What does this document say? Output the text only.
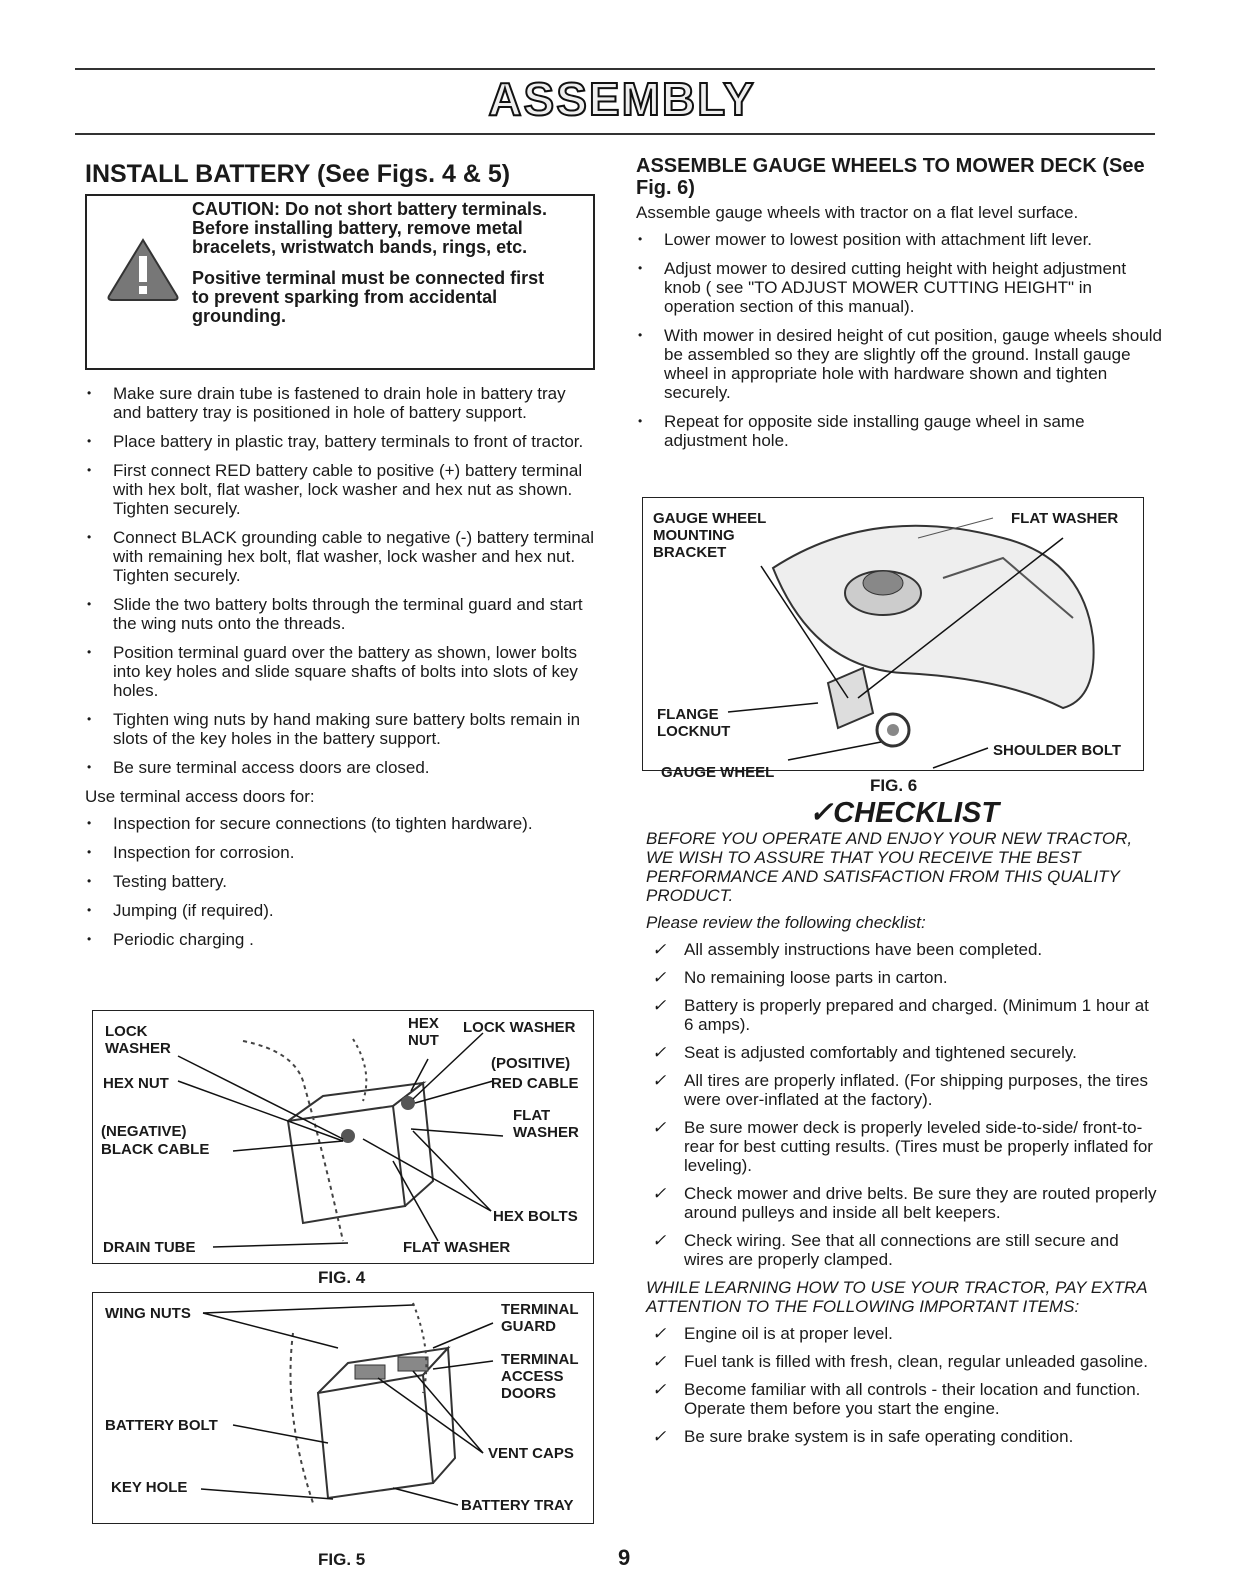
ASSEMBLY
INSTALL BATTERY (See Figs. 4 & 5)

CAUTION: Do not short battery terminals. Before installing battery, remove metal bracelets, wristwatch bands, rings, etc.

Positive terminal must be connected first to prevent sparking from accidental grounding.

• Make sure drain tube is fastened to drain hole in battery tray and battery tray is positioned in hole of battery support.
• Place battery in plastic tray, battery terminals to front of tractor.
• First connect RED battery cable to positive (+) battery terminal with hex bolt, flat washer, lock washer and hex nut as shown. Tighten securely.
• Connect BLACK grounding cable to negative (-) battery terminal with remaining hex bolt, flat washer, lock washer and hex nut. Tighten securely.
• Slide the two battery bolts through the terminal guard and start the wing nuts onto the threads.
• Position terminal guard over the battery as shown, lower bolts into key holes and slide square shafts of bolts into slots of key holes.
• Tighten wing nuts by hand making sure battery bolts remain in slots of the key holes in the battery support.
• Be sure terminal access doors are closed.

Use terminal access doors for:

• Inspection for secure connections (to tighten hardware).
• Inspection for corrosion.
• Testing battery.
• Jumping (if required).
• Periodic charging .
LOCK
WASHER
HEX
NUT
LOCK WASHER
(POSITIVE)
RED CABLE
HEX NUT
FLAT
WASHER
(NEGATIVE)
BLACK CABLE
HEX BOLTS
DRAIN TUBE	FLAT WASHER
FIG. 4
WING NUTS	TERMINAL
GUARD
TERMINAL
ACCESS
DOORS
BATTERY BOLT
VENT CAPS
KEY HOLE
BATTERY TRAY
FIG. 5
ASSEMBLE GAUGE WHEELS TO MOWER DECK (See Fig. 6)

Assemble gauge wheels with tractor on a flat level surface.

• Lower mower to lowest position with attachment lift lever.
• Adjust mower to desired cutting height with height adjustment knob ( see "TO ADJUST MOWER CUTTING HEIGHT" in operation section of this manual).
• With mower in desired height of cut position, gauge wheels should be assembled so they are slightly off the ground. Install gauge wheel in appropriate hole with hardware shown and tighten securely.
• Repeat for opposite side installing gauge wheel in same adjustment hole.
GAUGE WHEEL
MOUNTING
BRACKET
FLAT WASHER
FLANGE
LOCKNUT
SHOULDER BOLT
GAUGE WHEEL
FIG. 6
✓CHECKLIST

BEFORE YOU OPERATE AND ENJOY YOUR NEW TRACTOR, WE WISH TO ASSURE THAT YOU RECEIVE THE BEST PERFORMANCE AND SATISFACTION FROM THIS QUALITY PRODUCT.

Please review the following checklist:

✓ All assembly instructions have been completed.
✓ No remaining loose parts in carton.
✓ Battery is properly prepared and charged. (Minimum 1 hour at 6 amps).
✓ Seat is adjusted comfortably and tightened securely.
✓ All tires are properly inflated. (For shipping purposes, the tires were over-inflated at the factory).
✓ Be sure mower deck is properly leveled side-to-side/ front-to-rear for best cutting results. (Tires must be properly inflated for leveling).
✓ Check mower and drive belts. Be sure they are routed properly around pulleys and inside all belt keepers.
✓ Check wiring. See that all connections are still secure and wires are properly clamped.

WHILE LEARNING HOW TO USE YOUR TRACTOR, PAY EXTRA ATTENTION TO THE FOLLOWING IMPORTANT ITEMS:

✓ Engine oil is at proper level.
✓ Fuel tank is filled with fresh, clean, regular unleaded gasoline.
✓ Become familiar with all controls - their location and function. Operate them before you start the engine.
✓ Be sure brake system is in safe operating condition.
9
